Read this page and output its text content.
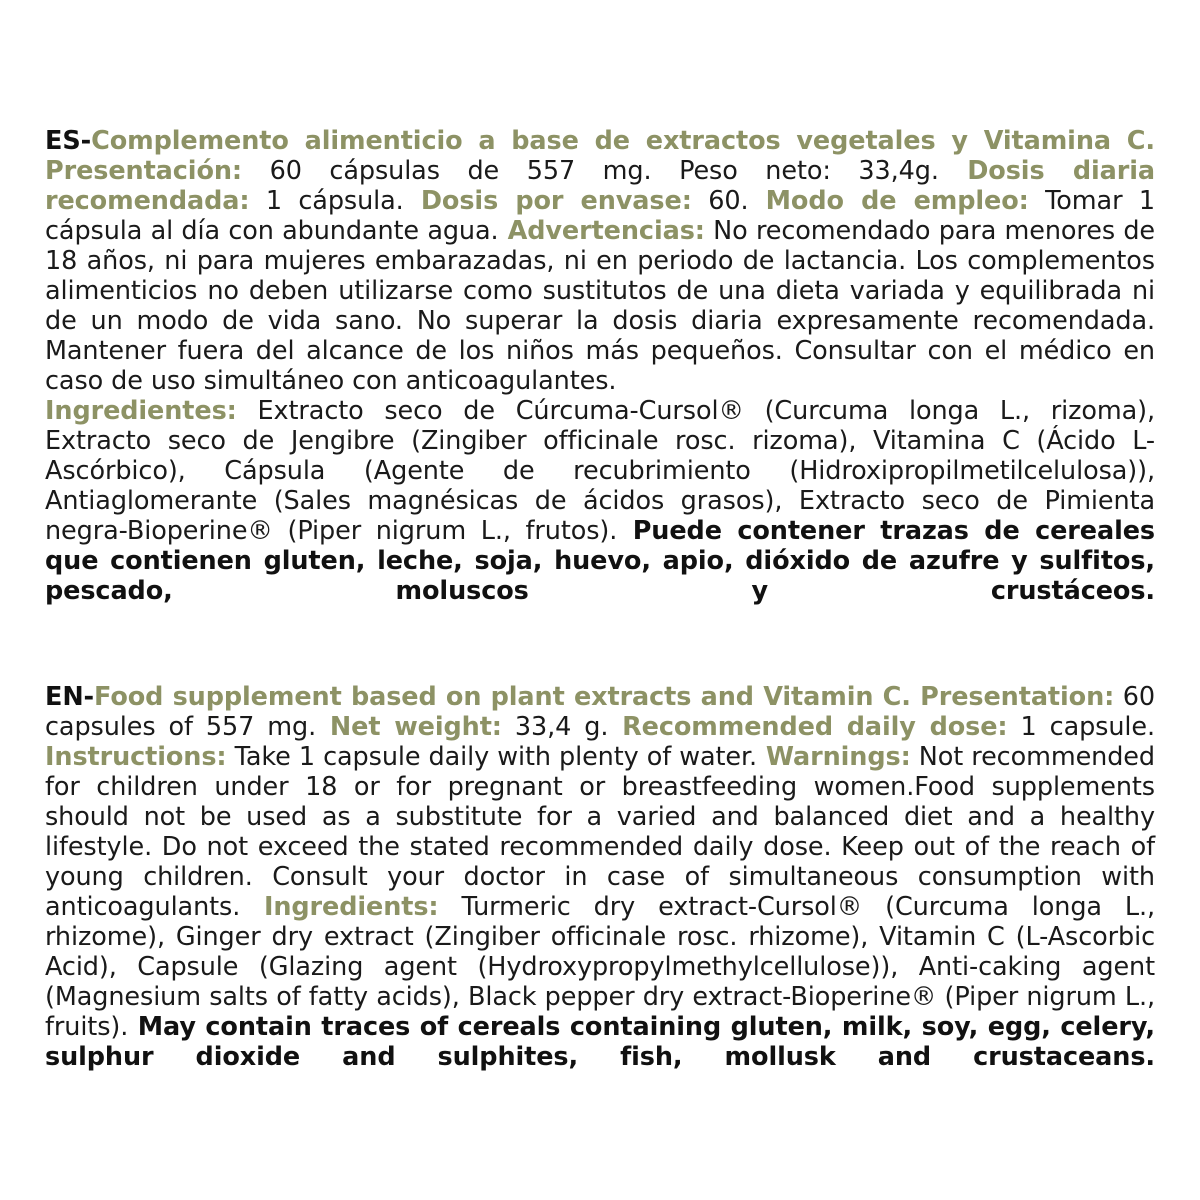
ES-Complemento alimenticio a base de extractos vegetales y Vitamina C. Presentación: 60 cápsulas de 557 mg. Peso neto: 33,4g. Dosis diaria recomendada: 1 cápsula. Dosis por envase: 60. Modo de empleo: Tomar 1 cápsula al día con abundante agua. Advertencias: No recomendado para menores de 18 años, ni para mujeres embarazadas, ni en periodo de lactancia. Los complementos alimenticios no deben utilizarse como sustitutos de una dieta variada y equilibrada ni de un modo de vida sano. No superar la dosis diaria expresamente recomendada. Mantener fuera del alcance de los niños más pequeños. Consultar con el médico en caso de uso simultáneo con anticoagulantes.
Ingredientes: Extracto seco de Cúrcuma-Cursol® (Curcuma longa L., rizoma), Extracto seco de Jengibre (Zingiber officinale rosc. rizoma), Vitamina C (Ácido L-Ascórbico), Cápsula (Agente de recubrimiento (Hidroxipropilmetilcelulosa)), Antiaglomerante (Sales magnésicas de ácidos grasos), Extracto seco de Pimienta negra-Bioperine® (Piper nigrum L., frutos). Puede contener trazas de cereales que contienen gluten, leche, soja, huevo, apio, dióxido de azufre y sulfitos, pescado, moluscos y crustáceos.

EN-Food supplement based on plant extracts and Vitamin C. Presentation: 60 capsules of 557 mg. Net weight: 33,4 g. Recommended daily dose: 1 capsule. Instructions: Take 1 capsule daily with plenty of water. Warnings: Not recommended for children under 18 or for pregnant or breastfeeding women.Food supplements should not be used as a substitute for a varied and balanced diet and a healthy lifestyle. Do not exceed the stated recommended daily dose. Keep out of the reach of young children. Consult your doctor in case of simultaneous consumption with anticoagulants. Ingredients: Turmeric dry extract-Cursol® (Curcuma longa L., rhizome), Ginger dry extract (Zingiber officinale rosc. rhizome), Vitamin C (L-Ascorbic Acid), Capsule (Glazing agent (Hydroxypropylmethylcellulose)), Anti-caking agent (Magnesium salts of fatty acids), Black pepper dry extract-Bioperine® (Piper nigrum L., fruits). May contain traces of cereals containing gluten, milk, soy, egg, celery, sulphur dioxide and sulphites, fish, mollusk and crustaceans.
